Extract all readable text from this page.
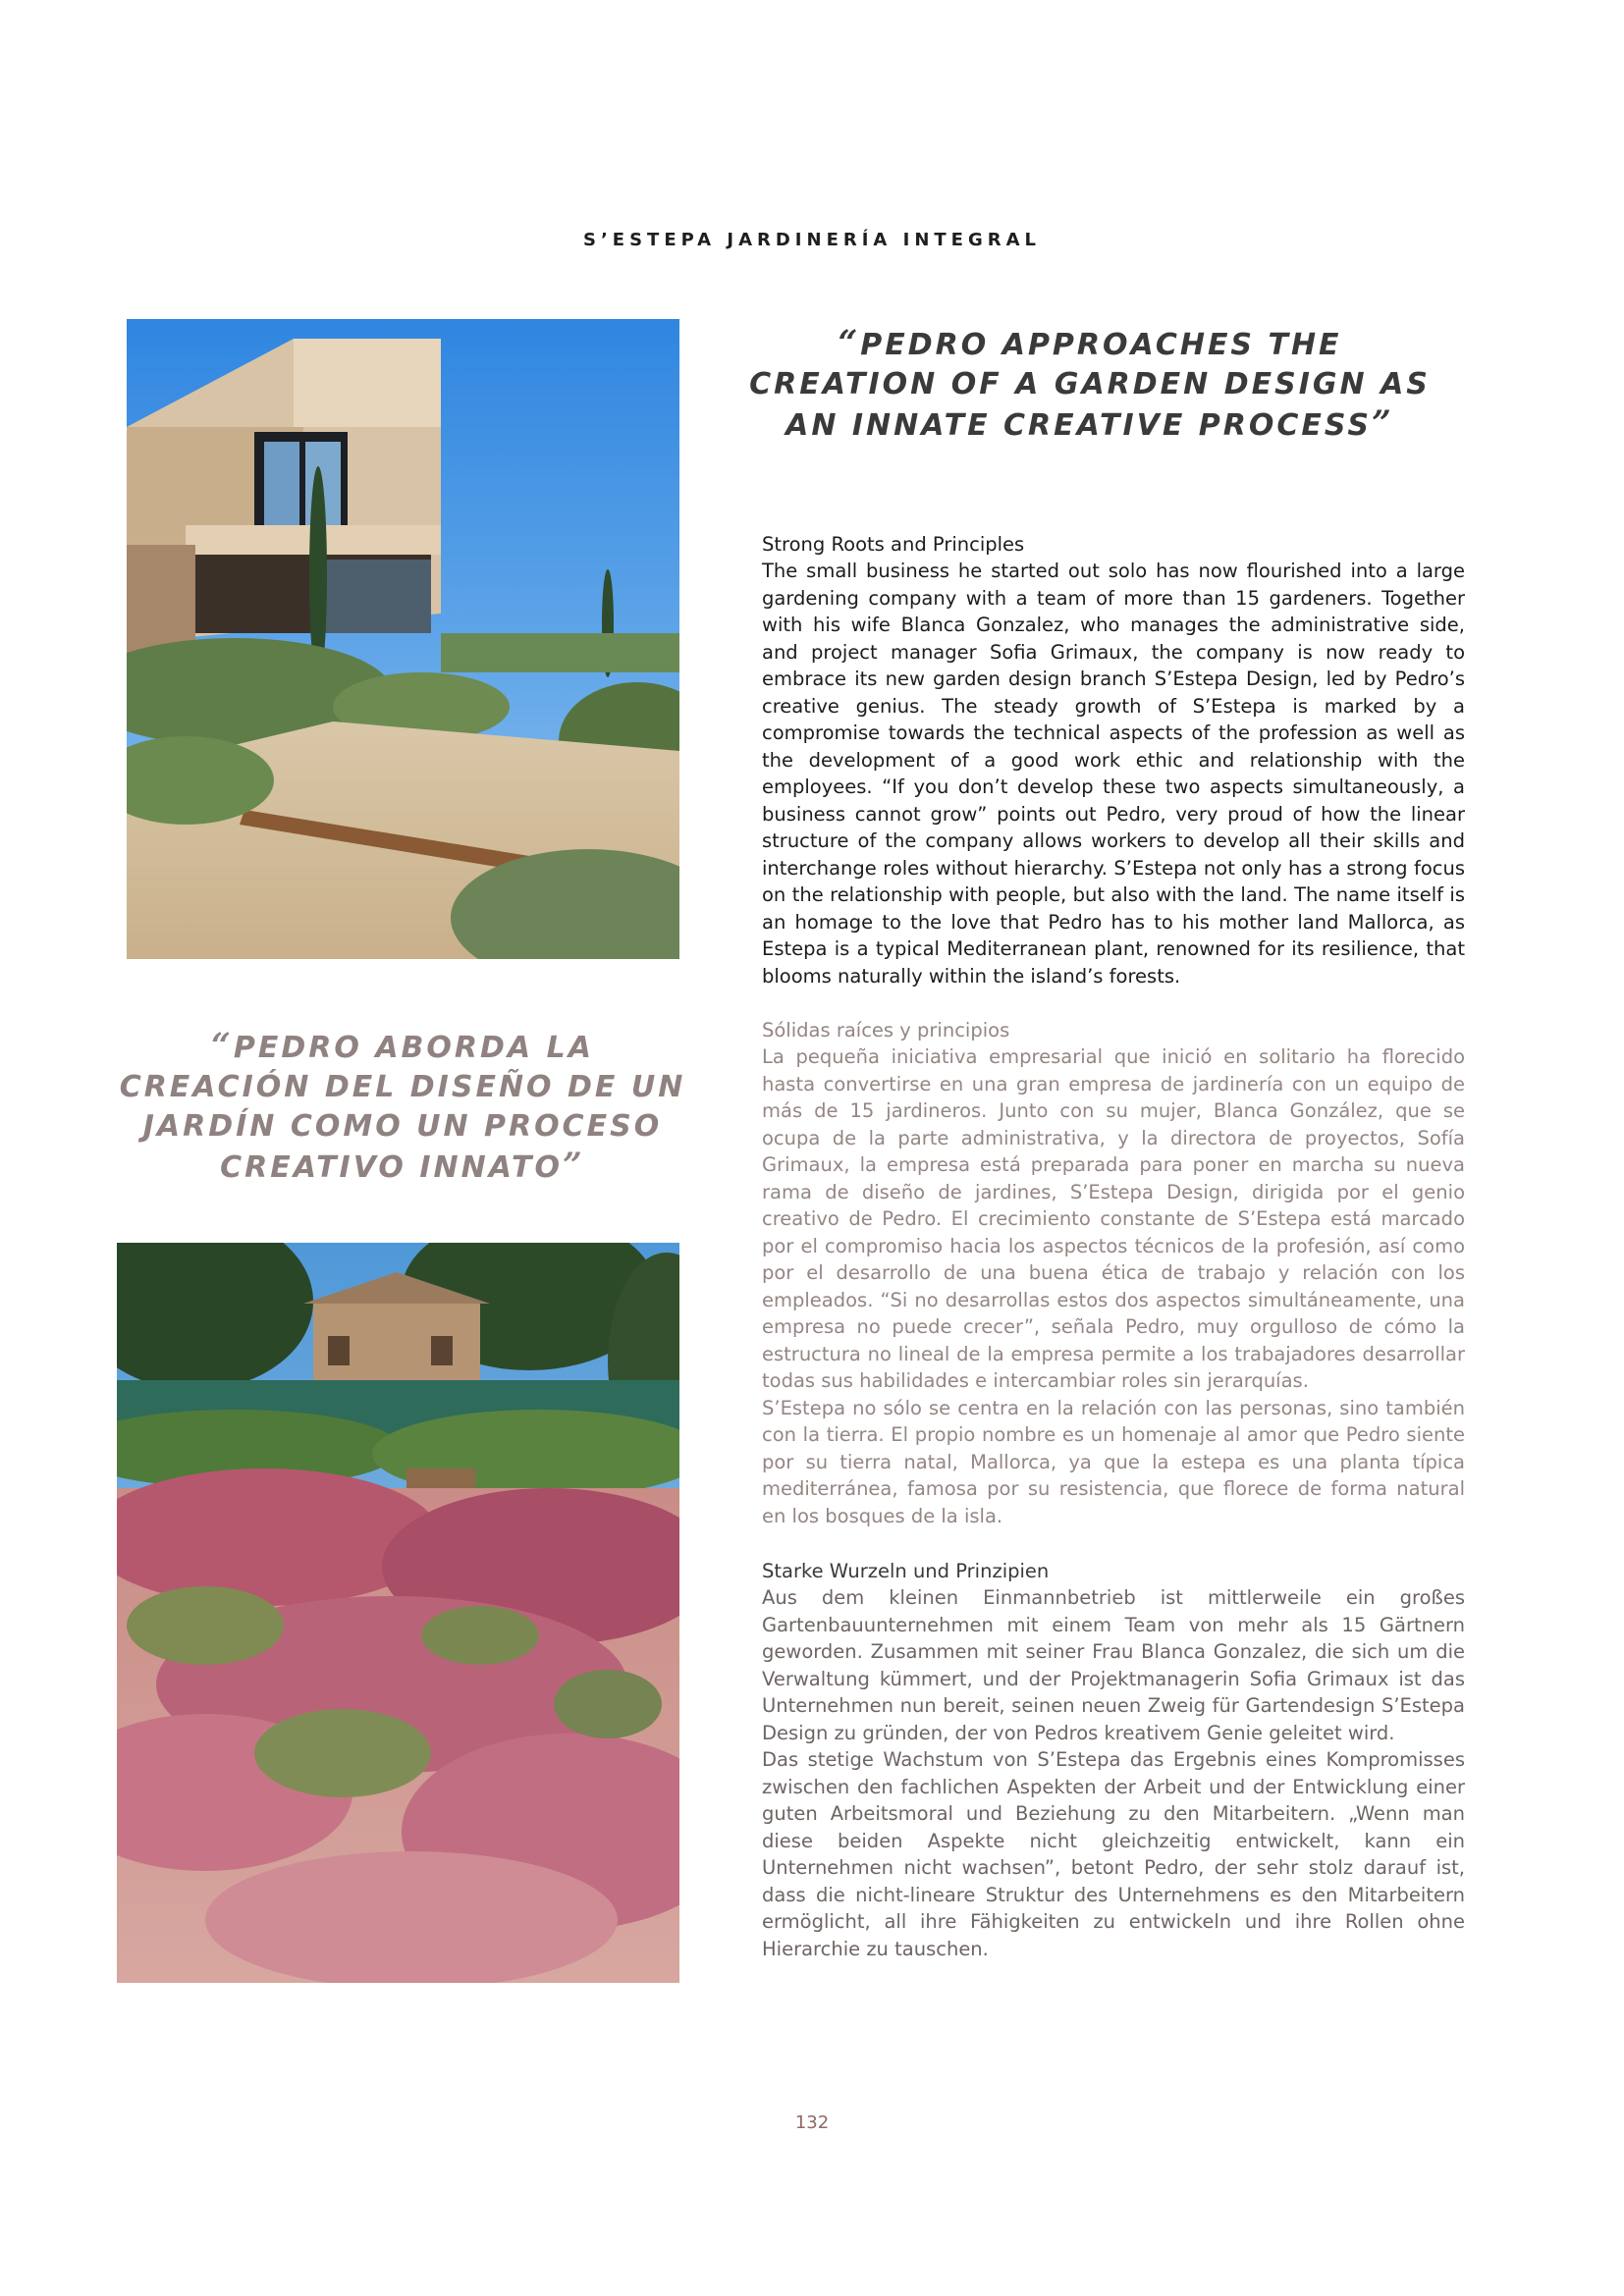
S’ESTEPA JARDINERÍA INTEGRAL
“PEDRO APPROACHES THE CREATION OF A GARDEN DESIGN AS AN INNATE CREATIVE PROCESS”
Strong Roots and Principles

The small business he started out solo has now flourished into a large gardening company with a team of more than 15 gardeners. Together with his wife Blanca Gonzalez, who manages the administrative side, and project manager Sofia Grimaux, the company is now ready to embrace its new garden design branch S’Estepa Design, led by Pedro’s creative genius. The steady growth of S’Estepa is marked by a compromise towards the technical aspects of the profession as well as the development of a good work ethic and relationship with the employees. “If you don’t develop these two aspects simultaneously, a business cannot grow” points out Pedro, very proud of how the linear structure of the company allows workers to develop all their skills and interchange roles without hierarchy. S’Estepa not only has a strong focus on the relationship with people, but also with the land. The name itself is an homage to the love that Pedro has to his mother land Mallorca, as Estepa is a typical Mediterranean plant, renowned for its resilience, that blooms naturally within the island’s forests.

“PEDRO ABORDA LA CREACIÓN DEL DISEÑO DE UN JARDÍN COMO UN PROCESO CREATIVO INNATO”
Sólidas raíces y principios

La pequeña iniciativa empresarial que inició en solitario ha florecido hasta convertirse en una gran empresa de jardinería con un equipo de más de 15 jardineros. Junto con su mujer, Blanca González, que se ocupa de la parte administrativa, y la directora de proyectos, Sofía Grimaux, la empresa está preparada para poner en marcha su nueva rama de diseño de jardines, S’Estepa Design, dirigida por el genio creativo de Pedro. El crecimiento constante de S’Estepa está marcado por el compromiso hacia los aspectos técnicos de la profesión, así como por el desarrollo de una buena ética de trabajo y relación con los empleados. “Si no desarrollas estos dos aspectos simultáneamente, una empresa no puede crecer”, señala Pedro, muy orgulloso de cómo la estructura no lineal de la empresa permite a los trabajadores desarrollar todas sus habilidades e intercambiar roles sin jerarquías.

S’Estepa no sólo se centra en la relación con las personas, sino también con la tierra. El propio nombre es un homenaje al amor que Pedro siente por su tierra natal, Mallorca, ya que la estepa es una planta típica mediterránea, famosa por su resistencia, que florece de forma natural en los bosques de la isla.

Starke Wurzeln und Prinzipien

Aus dem kleinen Einmannbetrieb ist mittlerweile ein großes Gartenbauunternehmen mit einem Team von mehr als 15 Gärtnern geworden. Zusammen mit seiner Frau Blanca Gonzalez, die sich um die Verwaltung kümmert, und der Projektmanagerin Sofia Grimaux ist das Unternehmen nun bereit, seinen neuen Zweig für Gartendesign S’Estepa Design zu gründen, der von Pedros kreativem Genie geleitet wird.

Das stetige Wachstum von S’Estepa das Ergebnis eines Kompromisses zwischen den fachlichen Aspekten der Arbeit und der Entwicklung einer guten Arbeitsmoral und Beziehung zu den Mitarbeitern. „Wenn man diese beiden Aspekte nicht gleichzeitig entwickelt, kann ein Unternehmen nicht wachsen”, betont Pedro, der sehr stolz darauf ist, dass die nicht-lineare Struktur des Unternehmens es den Mitarbeitern ermöglicht, all ihre Fähigkeiten zu entwickeln und ihre Rollen ohne Hierarchie zu tauschen.

132
